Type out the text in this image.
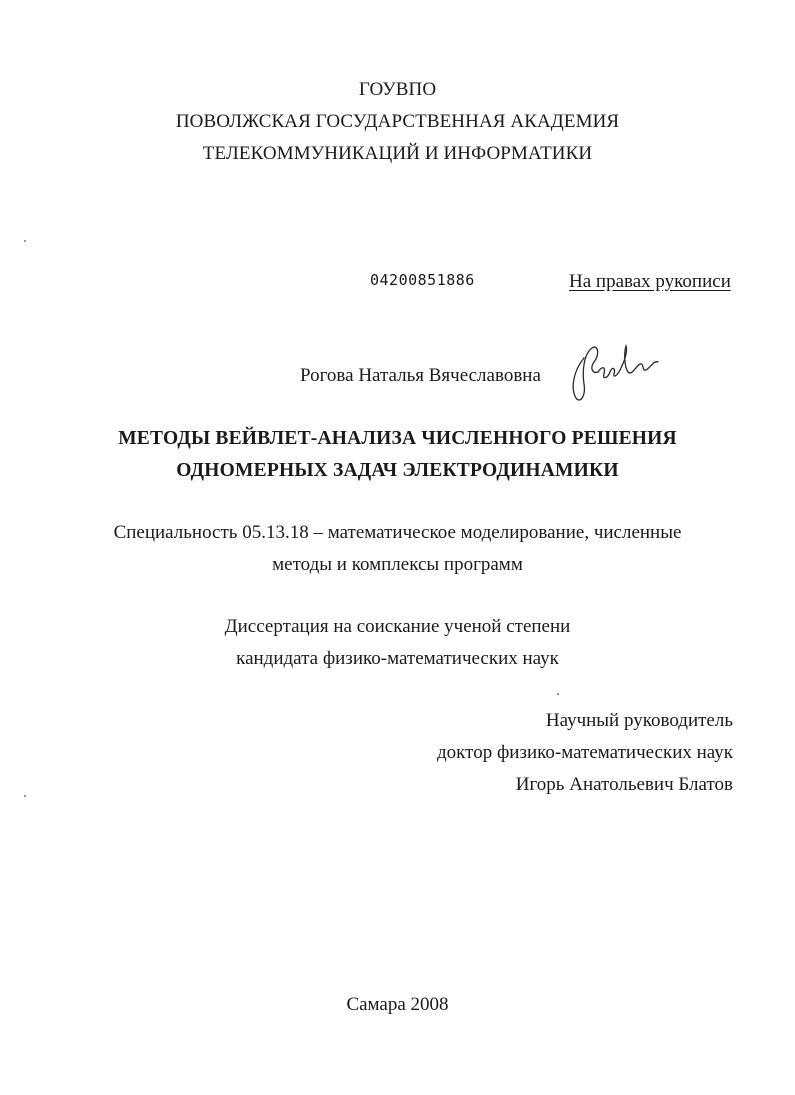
ГОУВПО
ПОВОЛЖСКАЯ ГОСУДАРСТВЕННАЯ АКАДЕМИЯ
ТЕЛЕКОММУНИКАЦИЙ И ИНФОРМАТИКИ
04200851886	На правах рукописи
Рогова Наталья Вячеславовна
МЕТОДЫ ВЕЙВЛЕТ-АНАЛИЗА ЧИСЛЕННОГО РЕШЕНИЯ
ОДНОМЕРНЫХ ЗАДАЧ ЭЛЕКТРОДИНАМИКИ
Специальность 05.13.18 – математическое моделирование, численные
методы и комплексы программ
Диссертация на соискание ученой степени
кандидата физико-математических наук
Научный руководитель
доктор физико-математических наук
Игорь Анатольевич Блатов
Самара 2008
